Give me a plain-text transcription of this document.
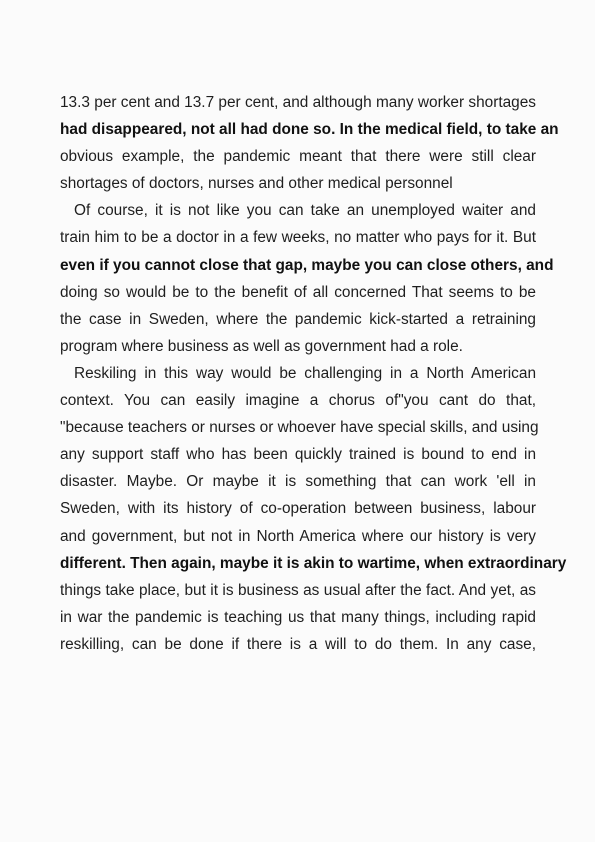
13.3 per cent and 13.7 per cent, and although many worker shortages
had disappeared, not all had done so. In the medical field, to take an
obvious example, the pandemic meant that there were still clear
shortages of doctors, nurses and other medical personnel
Of course, it is not like you can take an unemployed waiter and
train him to be a doctor in a few weeks, no matter who pays for it. But
even if you cannot close that gap, maybe you can close others, and
doing so would be to the benefit of all concerned That seems to be
the case in Sweden, where the pandemic kick-started a retraining
program where business as well as government had a role.
Reskiling in this way would be challenging in a North American
context. You can easily imagine a chorus of"you cant do that,
"because teachers or nurses or whoever have special skills, and using
any support staff who has been quickly trained is bound to end in
disaster. Maybe. Or maybe it is something that can work 'ell in
Sweden, with its history of co-operation between business, labour
and government, but not in North America where our history is very
different. Then again, maybe it is akin to wartime, when extraordinary
things take place, but it is business as usual after the fact. And yet, as
in war the pandemic is teaching us that many things, including rapid
reskilling, can be done if there is a will to do them. In any case,
